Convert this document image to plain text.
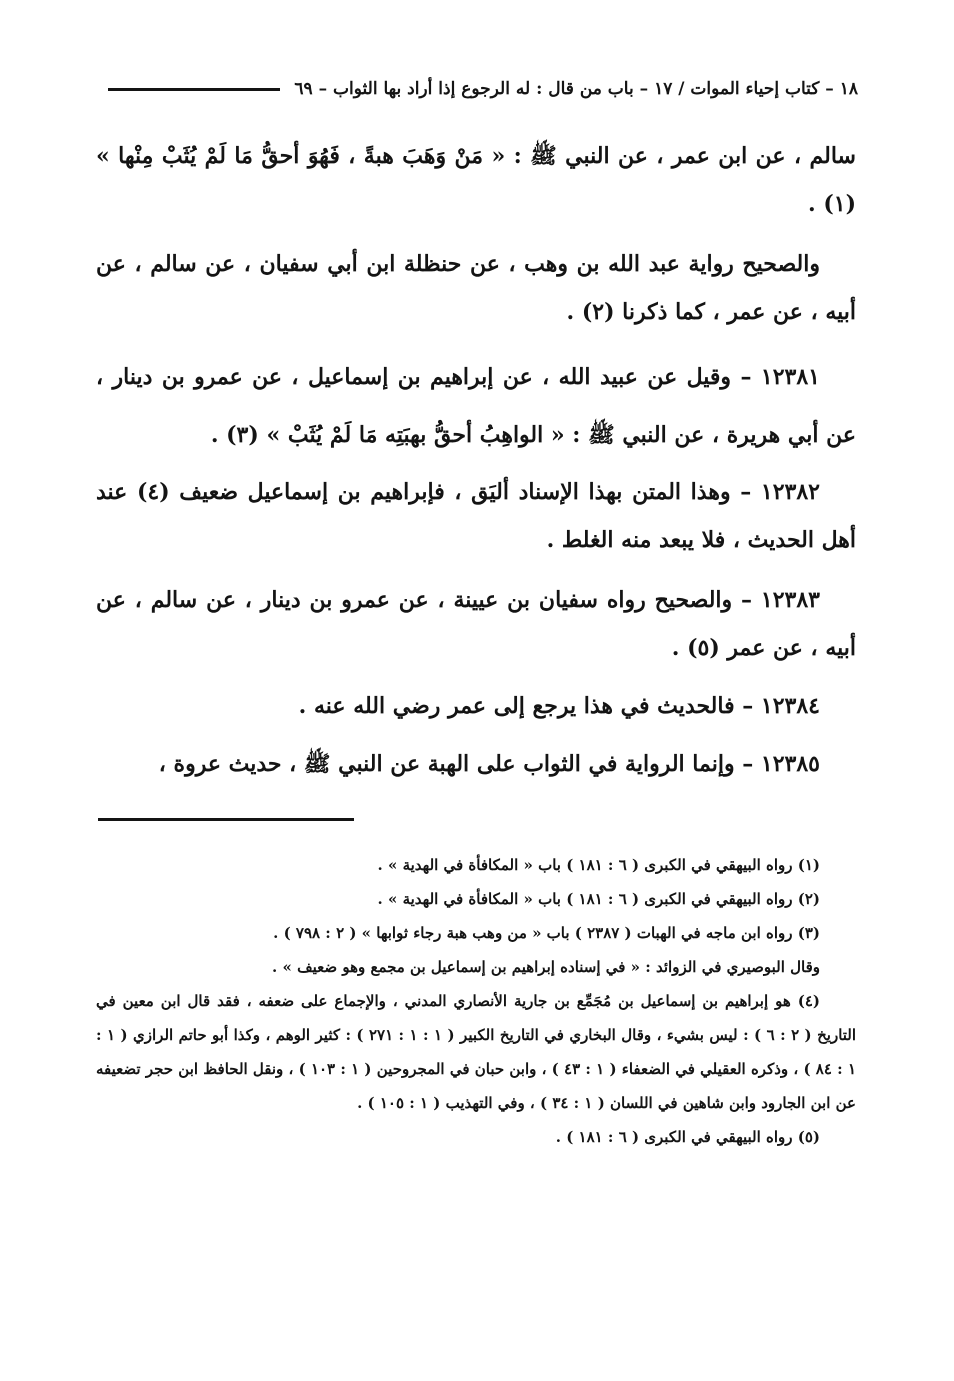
١٨ – كتاب إحياء الموات / ١٧ – باب من قال : له الرجوع إذا أراد بها الثواب – ٦٩

سالم ، عن ابن عمر ، عن النبي ﷺ : « مَنْ وَهَبَ هبةً ، فَهُوَ أحقُّ مَا لَمْ يُثَبْ مِنْها » (١) .

والصحيح رواية عبد الله بن وهب ، عن حنظلة ابن أبي سفيان ، عن سالم ، عن أبيه ، عن عمر ، كما ذكرنا (٢) .

١٢٣٨١ – وقيل عن عبيد الله ، عن إبراهيم بن إسماعيل ، عن عمرو بن دينار ، عن أبي هريرة ، عن النبي ﷺ : « الواهِبُ أحقُّ بهبَتِه مَا لَمْ يُثَبْ » (٣) .

١٢٣٨٢ – وهذا المتن بهذا الإسناد أليَق ، فإبراهيم بن إسماعيل ضعيف (٤) عند أهل الحديث ، فلا يبعد منه الغلط .

١٢٣٨٣ – والصحيح رواه سفيان بن عيينة ، عن عمرو بن دينار ، عن سالم ، عن أبيه ، عن عمر (٥) .

١٢٣٨٤ – فالحديث في هذا يرجع إلى عمر رضي الله عنه .

١٢٣٨٥ – وإنما الرواية في الثواب على الهبة عن النبي ﷺ ، حديث عروة ،

(١) رواه البيهقي في الكبرى ( ٦ : ١٨١ ) باب « المكافأة في الهدية » .
(٢) رواه البيهقي في الكبرى ( ٦ : ١٨١ ) باب « المكافأة في الهدية » .
(٣) رواه ابن ماجه في الهبات ( ٢٣٨٧ ) باب « من وهب هبة رجاء ثوابها » ( ٢ : ٧٩٨ ) .
وقال البوصيري في الزوائد : « في إسناده إبراهيم بن إسماعيل بن مجمع وهو ضعيف » .
(٤) هو إبراهيم بن إسماعيل بن مُجَمِّع بن جارية الأنصاري المدني ، والإجماع على ضعفه ، فقد قال ابن معين في التاريخ ( ٢ : ٦ ) : ليس بشيء ، وقال البخاري في التاريخ الكبير ( ١ : ١ : ٢٧١ ) : كثير الوهم ، وكذا أبو حاتم الرازي ( ١ : ١ : ٨٤ ) ، وذكره العقيلي في الضعفاء ( ١ : ٤٣ ) ، وابن حبان في المجروحين ( ١ : ١٠٣ ) ، ونقل الحافظ ابن حجر تضعيفه عن ابن الجارود وابن شاهين في اللسان ( ١ : ٣٤ ) ، وفي التهذيب ( ١ : ١٠٥ ) .
(٥) رواه البيهقي في الكبرى ( ٦ : ١٨١ ) .
